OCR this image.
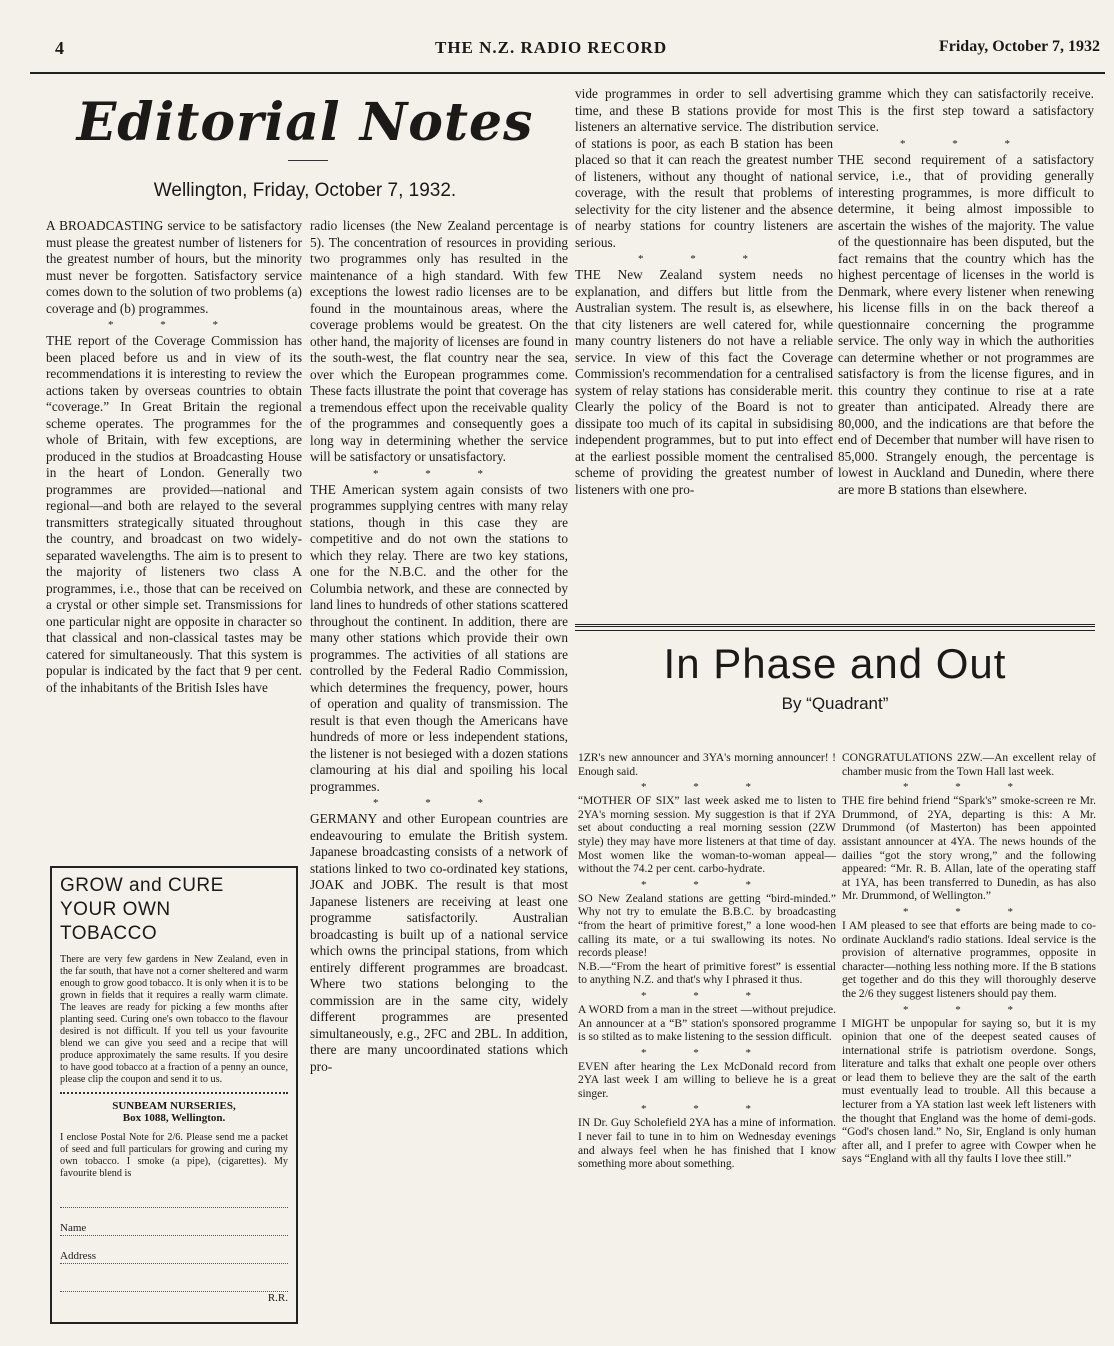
4	THE N.Z. RADIO RECORD	Friday, October 7, 1932
Editorial Notes
Wellington, Friday, October 7, 1932.

A BROADCASTING service to be satisfactory must please the greatest number of listeners for the greatest number of hours, but the minority must never be forgotten. Satisfactory service comes down to the solution of two problems (a) coverage and (b) programmes.

* * *

THE report of the Coverage Commission has been placed before us and in view of its recommendations it is interesting to review the actions taken by overseas countries to obtain “coverage.” In Great Britain the regional scheme operates. The programmes for the whole of Britain, with few exceptions, are produced in the studios at Broadcasting House in the heart of London. Generally two programmes are provided—national and regional—and both are relayed to the several transmitters strategically situated throughout the country, and broadcast on two widely-separated wavelengths. The aim is to present to the majority of listeners two class A programmes, i.e., those that can be received on a crystal or other simple set. Transmissions for one particular night are opposite in character so that classical and non-classical tastes may be catered for simultaneously. That this system is popular is indicated by the fact that 9 per cent. of the inhabitants of the British Isles have

radio licenses (the New Zealand percentage is 5). The concentration of resources in providing two programmes only has resulted in the maintenance of a high standard. With few exceptions the lowest radio licenses are to be found in the mountainous areas, where the coverage problems would be greatest. On the other hand, the majority of licenses are found in the south-west, the flat country near the sea, over which the European programmes come. These facts illustrate the point that coverage has a tremendous effect upon the receivable quality of the programmes and consequently goes a long way in determining whether the service will be satisfactory or unsatisfactory.

* * *

THE American system again consists of two programmes supplying centres with many relay stations, though in this case they are competitive and do not own the stations to which they relay. There are two key stations, one for the N.B.C. and the other for the Columbia network, and these are connected by land lines to hundreds of other stations scattered throughout the continent. In addition, there are many other stations which provide their own programmes. The activities of all stations are controlled by the Federal Radio Commission, which determines the frequency, power, hours of operation and quality of transmission. The result is that even though the Americans have hundreds of more or less independent stations, the listener is not besieged with a dozen stations clamouring at his dial and spoiling his local programmes.

* * *

GERMANY and other European countries are endeavouring to emulate the British system. Japanese broadcasting consists of a network of stations linked to two co-ordinated key stations, JOAK and JOBK. The result is that most Japanese listeners are receiving at least one programme satisfactorily. Australian broadcasting is built up of a national service which owns the principal stations, from which entirely different programmes are broadcast. Where two stations belonging to the commission are in the same city, widely different programmes are presented simultaneously, e.g., 2FC and 2BL. In addition, there are many uncoordinated stations which pro-

vide programmes in order to sell advertising time, and these B stations provide for most listeners an alternative service. The distribution of stations is poor, as each B station has been placed so that it can reach the greatest number of listeners, without any thought of national coverage, with the result that problems of selectivity for the city listener and the absence of nearby stations for country listeners are serious.

* * *

THE New Zealand system needs no explanation, and differs but little from the Australian system. The result is, as elsewhere, that city listeners are well catered for, while many country listeners do not have a reliable service. In view of this fact the Coverage Commission's recommendation for a centralised system of relay stations has considerable merit. Clearly the policy of the Board is not to dissipate too much of its capital in subsidising independent programmes, but to put into effect at the earliest possible moment the centralised scheme of providing the greatest number of listeners with one pro-

gramme which they can satisfactorily receive. This is the first step toward a satisfactory service.

* * *

THE second requirement of a satisfactory service, i.e., that of providing generally interesting programmes, is more difficult to determine, it being almost impossible to ascertain the wishes of the majority. The value of the questionnaire has been disputed, but the fact remains that the country which has the highest percentage of licenses in the world is Denmark, where every listener when renewing his license fills in on the back thereof a questionnaire concerning the programme service. The only way in which the authorities can determine whether or not programmes are satisfactory is from the license figures, and in this country they continue to rise at a rate greater than anticipated. Already there are 80,000, and the indications are that before the end of December that number will have risen to 85,000. Strangely enough, the percentage is lowest in Auckland and Dunedin, where there are more B stations than elsewhere.

GROW and CURE
YOUR OWN
TOBACCO
There are very few gardens in New Zealand, even in the far south, that have not a corner sheltered and warm enough to grow good tobacco. It is only when it is to be grown in fields that it requires a really warm climate. The leaves are ready for picking a few months after planting seed. Curing one's own tobacco to the flavour desired is not difficult. If you tell us your favourite blend we can give you seed and a recipe that will produce approximately the same results. If you desire to have good tobacco at a fraction of a penny an ounce, please clip the coupon and send it to us.
SUNBEAM NURSERIES,
Box 1088, Wellington.
I enclose Postal Note for 2/6. Please send me a packet of seed and full particulars for growing and curing my own tobacco. I smoke (a pipe), (cigarettes). My favourite blend is
Name
Address
R.R.
In Phase and Out
By “Quadrant”

1ZR's new announcer and 3YA's morning announcer! ! Enough said.

* * *

“MOTHER OF SIX” last week asked me to listen to 2YA's morning session. My suggestion is that if 2YA set about conducting a real morning session (2ZW style) they may have more listeners at that time of day. Most women like the woman-to-woman appeal—without the 74.2 per cent. carbo-hydrate.

* * *

SO New Zealand stations are getting “bird-minded.” Why not try to emulate the B.B.C. by broadcasting “from the heart of primitive forest,” a lone wood-hen calling its mate, or a tui swallowing its notes. No records please!

N.B.—“From the heart of primitive forest” is essential to anything N.Z. and that's why I phrased it thus.

* * *

A WORD from a man in the street —without prejudice. An announcer at a “B” station's sponsored programme is so stilted as to make listening to the session difficult.

* * *

EVEN after hearing the Lex McDonald record from 2YA last week I am willing to believe he is a great singer.

* * *

IN Dr. Guy Scholefield 2YA has a mine of information. I never fail to tune in to him on Wednesday evenings and always feel when he has finished that I know something more about something.

CONGRATULATIONS 2ZW.—An excellent relay of chamber music from the Town Hall last week.

* * *

THE fire behind friend “Spark's” smoke-screen re Mr. Drummond, of 2YA, departing is this: A Mr. Drummond (of Masterton) has been appointed assistant announcer at 4YA. The news hounds of the dailies “got the story wrong,” and the following appeared: “Mr. R. B. Allan, late of the operating staff at 1YA, has been transferred to Dunedin, as has also Mr. Drummond, of Wellington.”

* * *

I AM pleased to see that efforts are being made to co-ordinate Auckland's radio stations. Ideal service is the provision of alternative programmes, opposite in character—nothing less nothing more. If the B stations get together and do this they will thoroughly deserve the 2/6 they suggest listeners should pay them.

* * *

I MIGHT be unpopular for saying so, but it is my opinion that one of the deepest seated causes of international strife is patriotism overdone. Songs, literature and talks that exhalt one people over others or lead them to believe they are the salt of the earth must eventually lead to trouble. All this because a lecturer from a YA station last week left listeners with the thought that England was the home of demi-gods. “God's chosen land.” No, Sir, England is only human after all, and I prefer to agree with Cowper when he says “England with all thy faults I love thee still.”
